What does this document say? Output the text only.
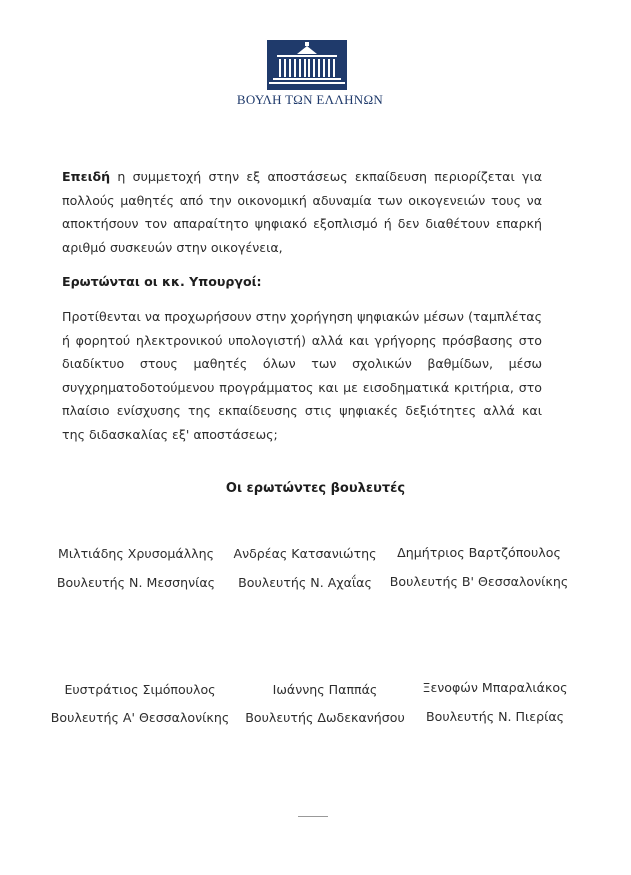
ΒΟΥΛΗ ΤΩΝ ΕΛΛΗΝΩΝ
Επειδή η συμμετοχή στην εξ αποστάσεως εκπαίδευση περιορίζεται για πολλούς μαθητές από την οικονομική αδυναμία των οικογενειών τους να αποκτήσουν τον απαραίτητο ψηφιακό εξοπλισμό ή δεν διαθέτουν επαρκή αριθμό συσκευών στην οικογένεια,
Ερωτώνται οι κκ. Υπουργοί:
Προτίθενται να προχωρήσουν στην χορήγηση ψηφιακών μέσων (ταμπλέτας ή φορητού ηλεκτρονικού υπολογιστή) αλλά και γρήγορης πρόσβασης στο διαδίκτυο στους μαθητές όλων των σχολικών βαθμίδων, μέσω συγχρηματοδοτούμενου προγράμματος και με εισοδηματικά κριτήρια, στο πλαίσιο ενίσχυσης της εκπαίδευσης στις ψηφιακές δεξιότητες αλλά και της διδασκαλίας εξ' αποστάσεως;
Οι ερωτώντες βουλευτές
Μιλτιάδης Χρυσομάλλης
Βουλευτής Ν. Μεσσηνίας
Ανδρέας Κατσανιώτης
Βουλευτής Ν. Αχαΐας
Δημήτριος Βαρτζόπουλος
Βουλευτής Β' Θεσσαλονίκης
Ευστράτιος Σιμόπουλος
Βουλευτής Α' Θεσσαλονίκης
Ιωάννης Παππάς
Βουλευτής Δωδεκανήσου
Ξενοφών Μπαραλιάκος
Βουλευτής Ν. Πιερίας
